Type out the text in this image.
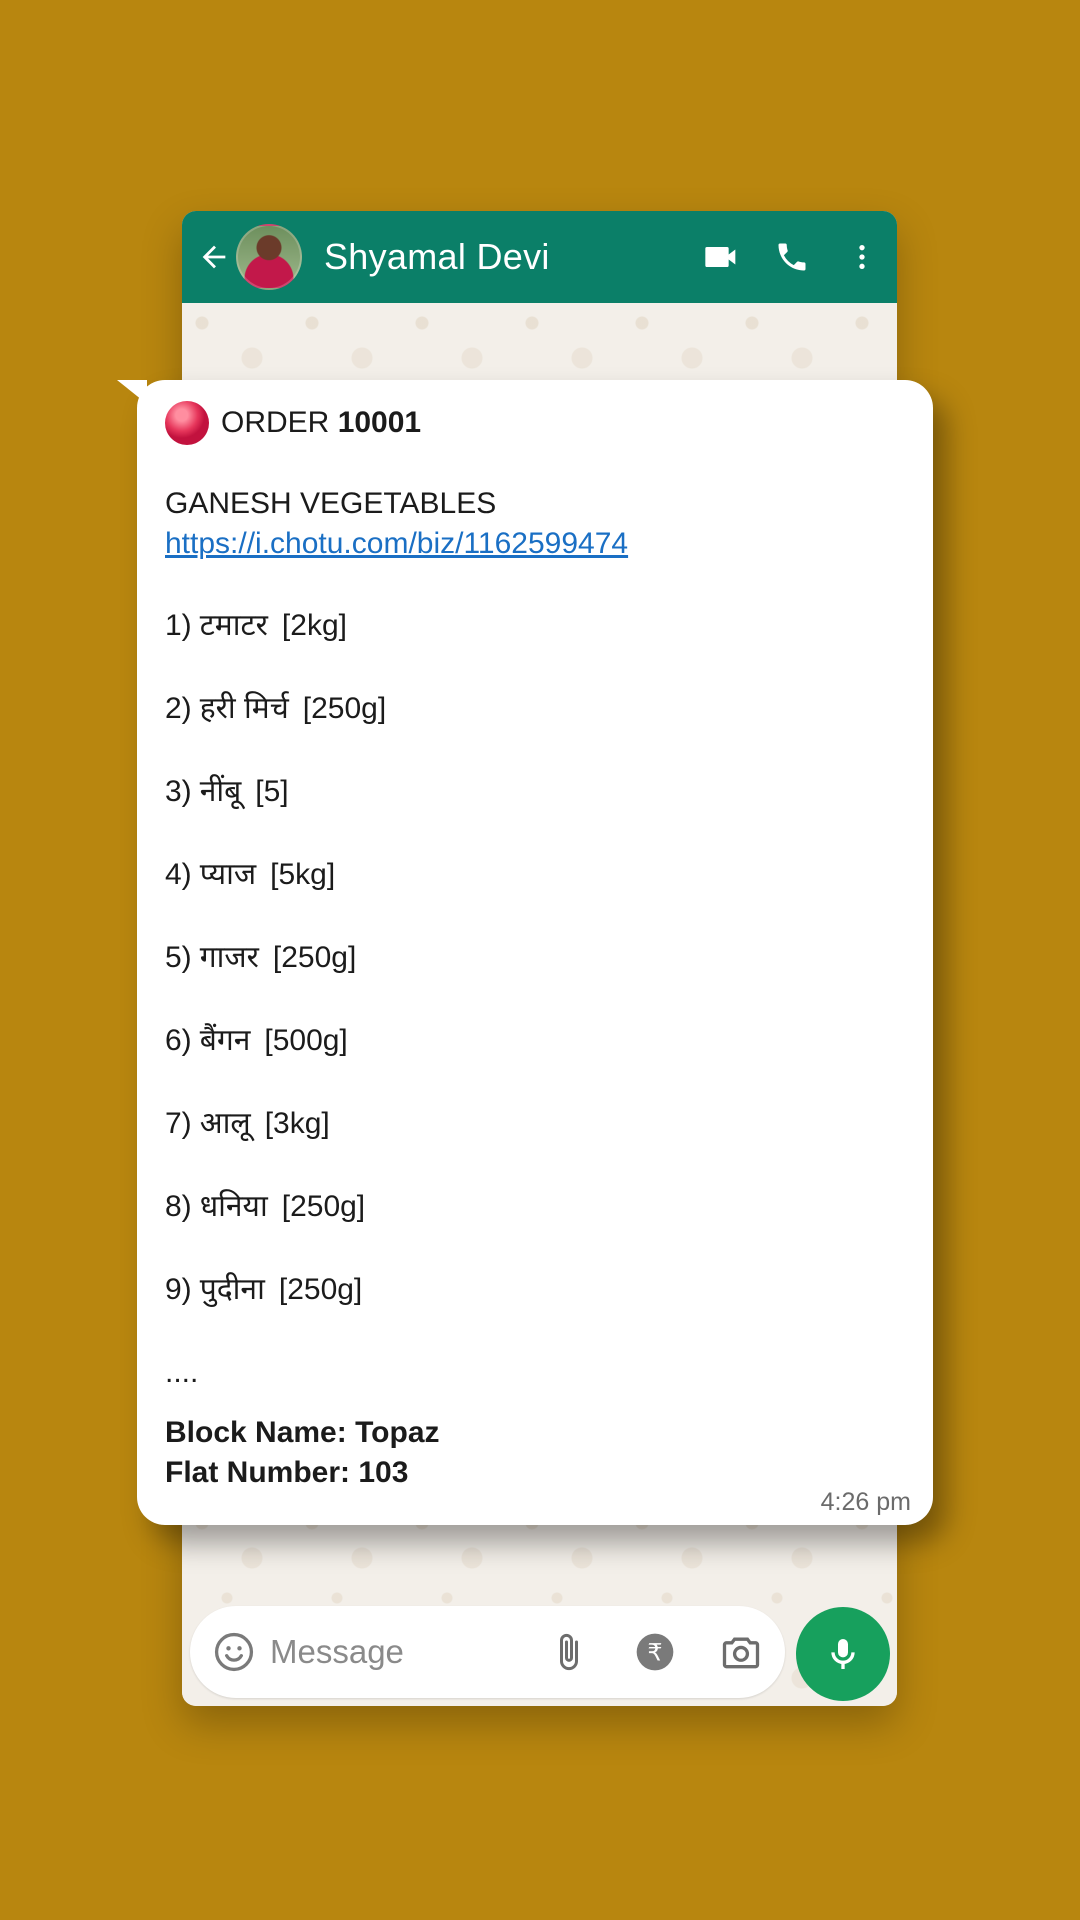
Shyamal Devi
Message	₹
ORDER
10001
GANESH VEGETABLES
https://i.chotu.com/biz/1162599474
1) टमाटर [2kg]
2) हरी मिर्च [250g]
3) नींबू [5]
4) प्याज [5kg]
5) गाजर [250g]
6) बैंगन [500g]
7) आलू [3kg]
8) धनिया [250g]
9) पुदीना [250g]
....
Block Name: Topaz
Flat Number: 103
4:26 pm
